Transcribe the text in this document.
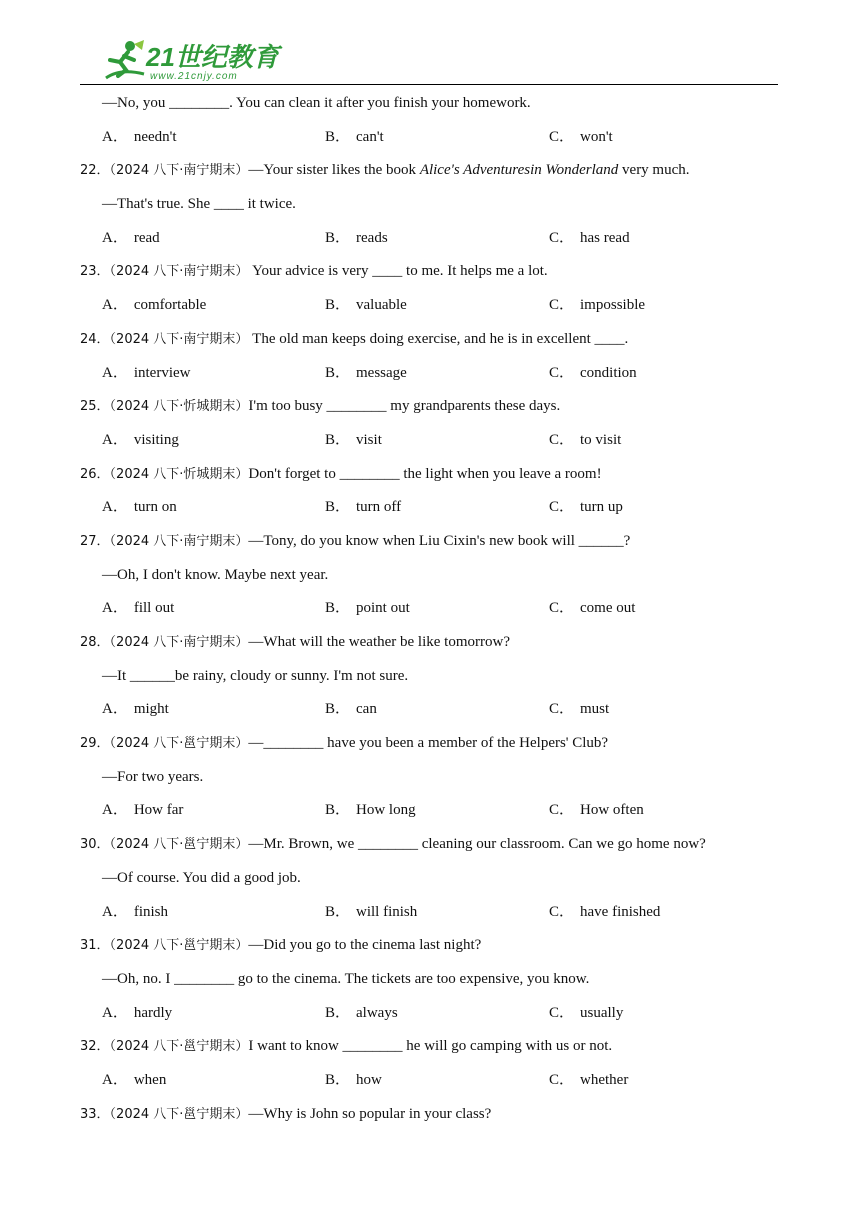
21世纪教育
www.21cnjy.com
—No, you ________. You can clean it after you finish your homework.
A． needn't	B． can't	C． won't
22．（2024 八下·南宁期末）—Your sister likes the book Alice's Adventuresin Wonderland very much.
—That's true. She ____ it twice.
A． read	B． reads	C． has read
23．（2024 八下·南宁期末） Your advice is very ____ to me. It helps me a lot.
A． comfortable	B． valuable	C． impossible
24．（2024 八下·南宁期末） The old man keeps doing exercise, and he is in excellent ____.
A． interview	B． message	C． condition
25．（2024 八下·忻城期末）I'm too busy ________ my grandparents these days.
A． visiting	B． visit	C． to visit
26．（2024 八下·忻城期末）Don't forget to ________ the light when you leave a room!
A． turn on	B． turn off	C． turn up
27．（2024 八下·南宁期末）—Tony, do you know when Liu Cixin's new book will ______?
—Oh, I don't know. Maybe next year.
A． fill out	B． point out	C． come out
28．（2024 八下·南宁期末）—What will the weather be like tomorrow?
—It ______be rainy, cloudy or sunny. I'm not sure.
A． might	B． can	C． must
29．（2024 八下·邕宁期末）—________ have you been a member of the Helpers' Club?
—For two years.
A． How far	B． How long	C． How often
30．（2024 八下·邕宁期末）—Mr. Brown, we ________ cleaning our classroom. Can we go home now?
—Of course. You did a good job.
A． finish	B． will finish	C． have finished
31．（2024 八下·邕宁期末）—Did you go to the cinema last night?
—Oh, no. I ________ go to the cinema. The tickets are too expensive, you know.
A． hardly	B． always	C． usually
32．（2024 八下·邕宁期末）I want to know ________ he will go camping with us or not.
A． when	B． how	C． whether
33．（2024 八下·邕宁期末）—Why is John so popular in your class?
